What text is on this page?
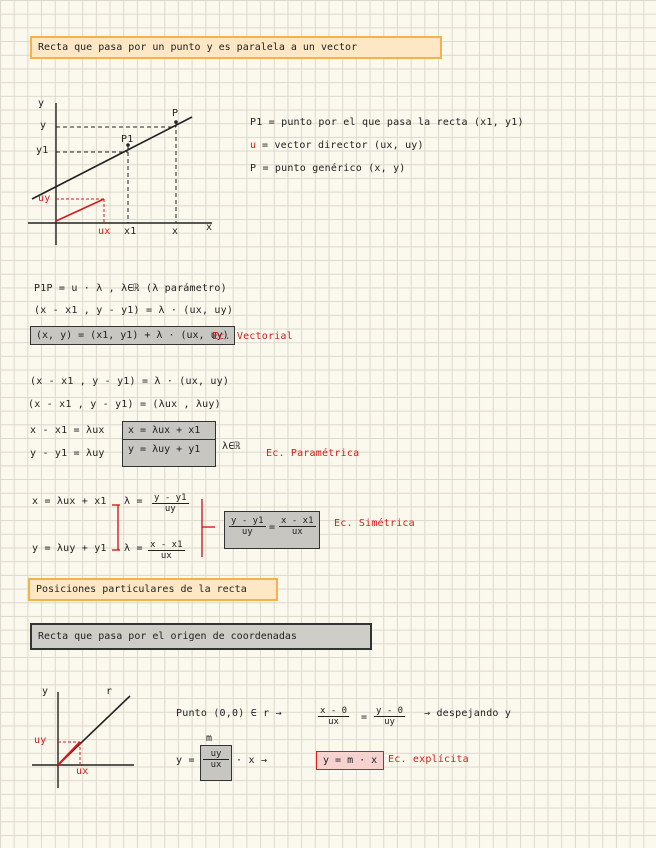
Recta que pasa por un punto y es paralela a un vector
y
y
y1
uy
ux x1	x	x
P1
P
P1 = punto por el que pasa la recta (x1, y1)
u = vector director (ux, uy)
P = punto genérico (x, y)
P1P = u · λ , λ∈ℝ (λ parámetro)
(x - x1 , y - y1) = λ · (ux, uy)
(x, y) = (x1, y1) + λ · (ux, uy)
Ec. Vectorial
(x - x1 , y - y1) = λ · (ux, uy)
(x - x1 , y - y1) = (λux , λuy)
x - x1 = λux
y - y1 = λuy
x = λux + x1
y = λuy + y1	λ∈ℝ
Ec. Paramétrica
x = λux + x1
y = λuy + y1
$\lambda = \frac{y - y1}{uy}$
$\lambda = \frac{x - x1}{ux}$
$\frac{y - y1}{uy} = \frac{x - x1}{ux} Ec$. Simétrica
Posiciones particulares de la recta
Recta que pasa por el origen de coordenadas
y	r
uy
ux
Punto (0,0) ∈ r →	$\frac{x - 0}{ux} = \frac{y - 0}{uy}$ → despejando y
m
$y = \frac{uy}{ux} \cdot x$ →	y = m · x	Ec. explícita
